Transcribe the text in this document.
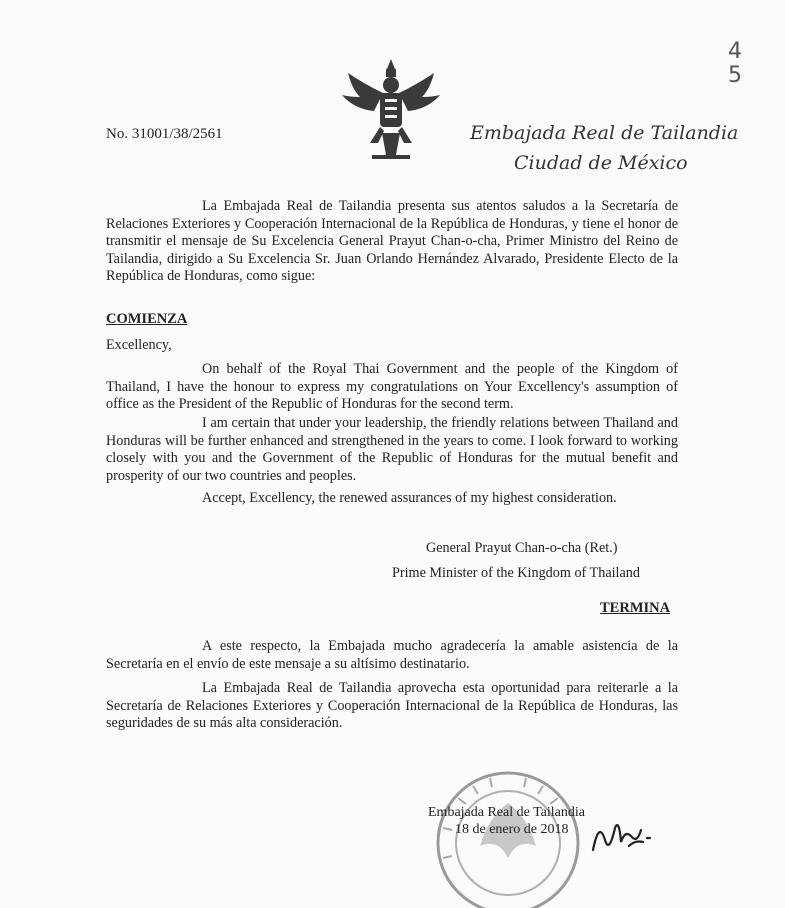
4
5
No. 31001/38/2561	Embajada Real de Tailandia
Ciudad de México
La Embajada Real de Tailandia presenta sus atentos saludos a la Secretaría de Relaciones Exteriores y Cooperación Internacional de la República de Honduras, y tiene el honor de transmitir el mensaje de Su Excelencia General Prayut Chan-o-cha, Primer Ministro del Reino de Tailandia, dirigido a Su Excelencia Sr. Juan Orlando Hernández Alvarado, Presidente Electo de la República de Honduras, como sigue:
COMIENZA
Excellency,
On behalf of the Royal Thai Government and the people of the Kingdom of Thailand, I have the honour to express my congratulations on Your Excellency's assumption of office as the President of the Republic of Honduras for the second term.
I am certain that under your leadership, the friendly relations between Thailand and Honduras will be further enhanced and strengthened in the years to come. I look forward to working closely with you and the Government of the Republic of Honduras for the mutual benefit and prosperity of our two countries and peoples.
Accept, Excellency, the renewed assurances of my highest consideration.
General Prayut Chan-o-cha (Ret.)
Prime Minister of the Kingdom of Thailand
TERMINA
A este respecto, la Embajada mucho agradecería la amable asistencia de la Secretaría en el envío de este mensaje a su altísimo destinatario.
La Embajada Real de Tailandia aprovecha esta oportunidad para reiterarle a la Secretaría de Relaciones Exteriores y Cooperación Internacional de la República de Honduras, las seguridades de su más alta consideración.
Embajada Real de Tailandia
18 de enero de 2018
